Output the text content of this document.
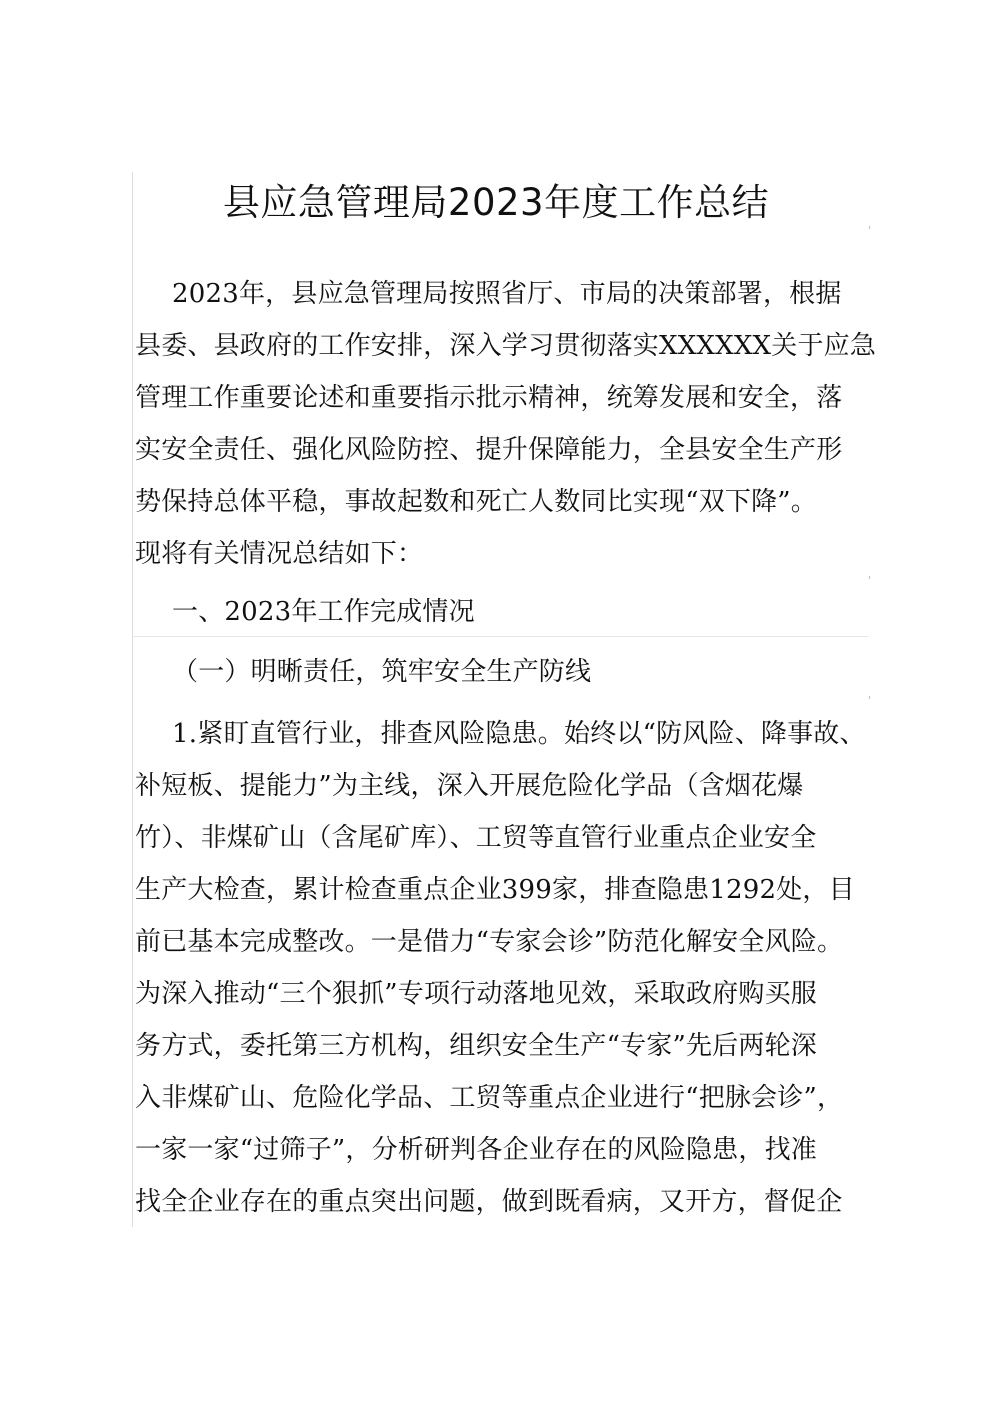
县应急管理局2023年度工作总结
2023年，县应急管理局按照省厅、市局的决策部署，根据
县委、县政府的工作安排，深入学习贯彻落实XXXXXX关于应急
管理工作重要论述和重要指示批示精神，统筹发展和安全，落
实安全责任、强化风险防控、提升保障能力，全县安全生产形
势保持总体平稳，事故起数和死亡人数同比实现“双下降”。
现将有关情况总结如下：
一、2023年工作完成情况
（一）明晰责任，筑牢安全生产防线
1.紧盯直管行业，排查风险隐患。始终以“防风险、降事故、
补短板、提能力”为主线，深入开展危险化学品（含烟花爆
竹）、非煤矿山（含尾矿库）、工贸等直管行业重点企业安全
生产大检查，累计检查重点企业399家，排查隐患1292处，目
前已基本完成整改。一是借力“专家会诊”防范化解安全风险。
为深入推动“三个狠抓”专项行动落地见效，采取政府购买服
务方式，委托第三方机构，组织安全生产“专家”先后两轮深
入非煤矿山、危险化学品、工贸等重点企业进行“把脉会诊”，
一家一家“过筛子”，分析研判各企业存在的风险隐患，找准
找全企业存在的重点突出问题，做到既看病，又开方，督促企
